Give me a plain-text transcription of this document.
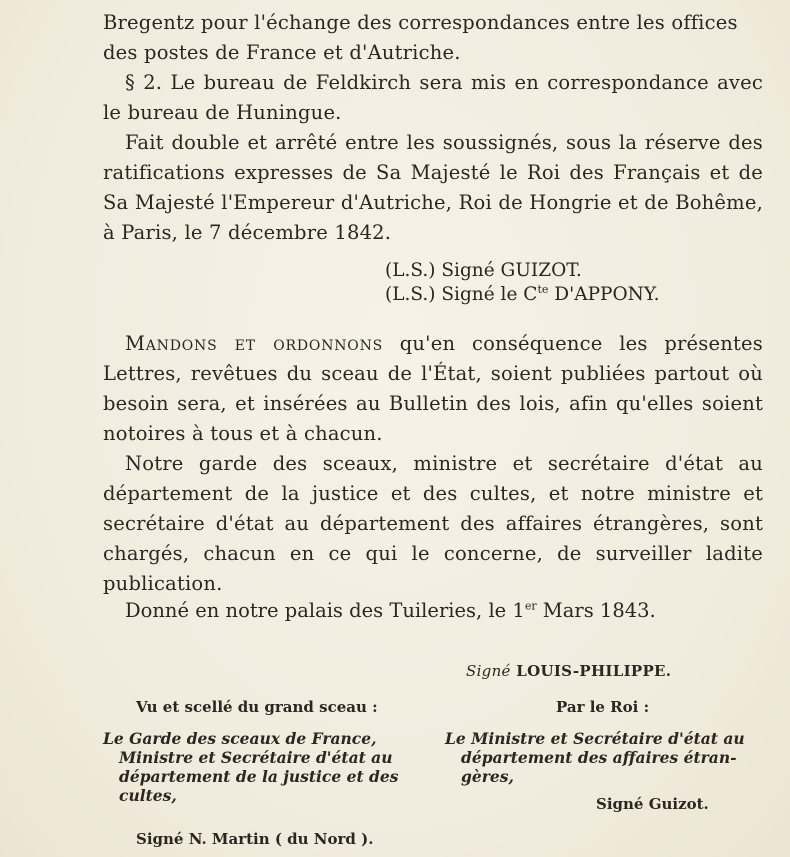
Bregentz pour l'échange des correspondances entre les offices

des postes de France et d'Autriche.

§ 2. Le bureau de Feldkirch sera mis en correspondance avec le bureau de Huningue.

Fait double et arrêté entre les soussignés, sous la réserve des ratifications expresses de Sa Majesté le Roi des Français et de Sa Majesté l'Empereur d'Autriche, Roi de Hongrie et de Bohême, à Paris, le 7 décembre 1842.

(L.S.) Signé GUIZOT.
(L.S.) Signé le $C^{te}$ D'APPONY.

Mandons et ordonnons qu'en conséquence les présentes Lettres, revêtues du sceau de l'État, soient publiées partout où besoin sera, et insérées au Bulletin des lois, afin qu'elles soient notoires à tous et à chacun.

Notre garde des sceaux, ministre et secrétaire d'état au département de la justice et des cultes, et notre ministre et secrétaire d'état au département des affaires étrangères, sont chargés, chacun en ce qui le concerne, de surveiller ladite publication.

Donné en notre palais des Tuileries, le 1er Mars 1843.
Signé LOUIS-PHILIPPE.
Vu et scellé du grand sceau :	Par le Roi :
Le Garde des sceaux de France,
Ministre et Secrétaire d'état au
département de la justice et des
cultes,
Le Ministre et Secrétaire d'état au
département des affaires étran-
gères,
Signé Guizot.
Signé N. Martin ( du Nord ).
